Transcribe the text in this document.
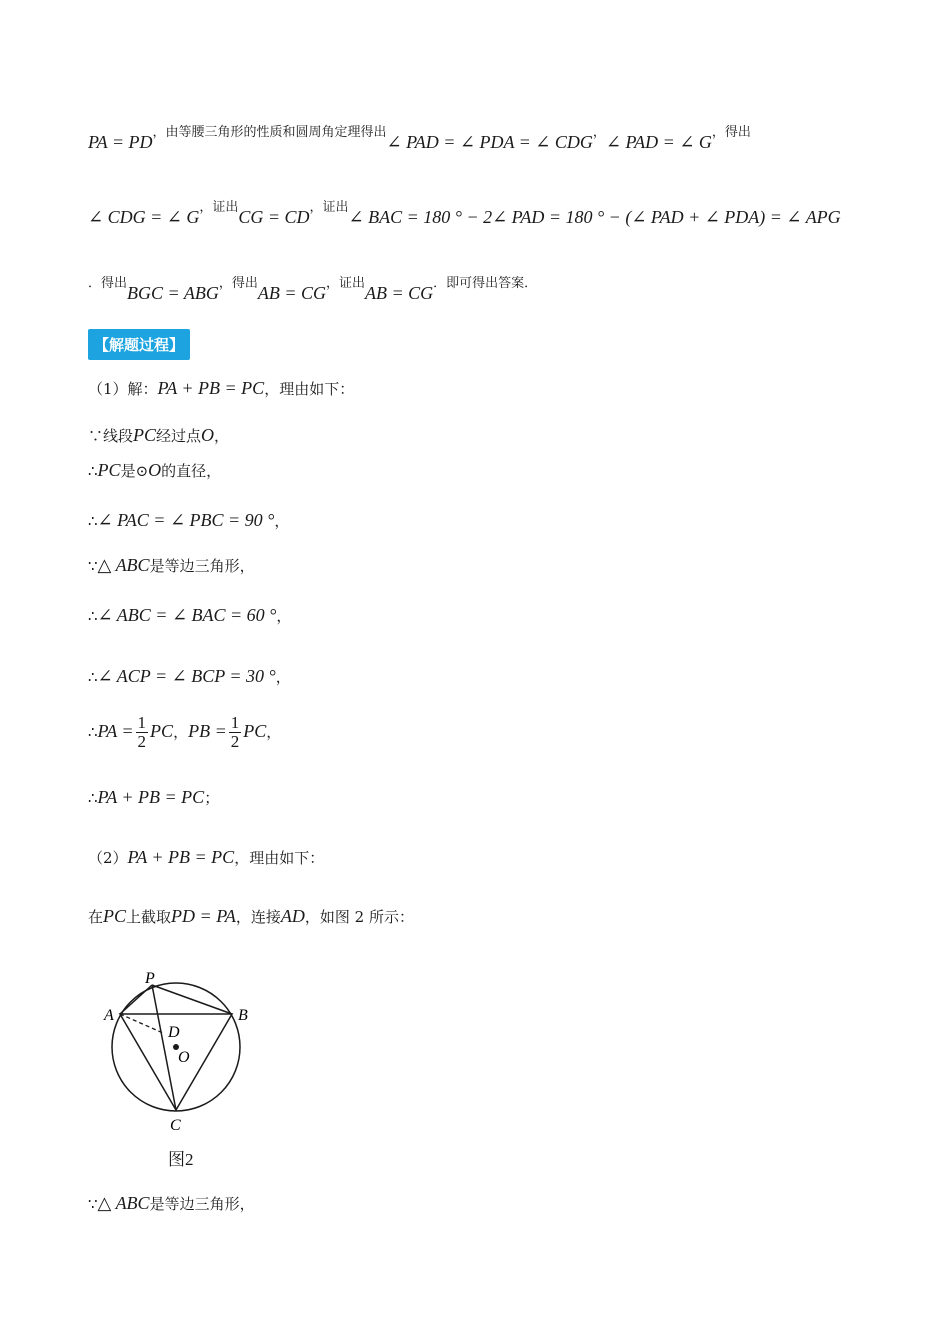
PA = $PD^{,由等腰三角形的性质和圆周角定理得出}\angle$ PAD = ∠ PDA = ∠ CDG，∠ PAD = ∠ $G^{,得出}$
∠ CDG = ∠ $G^{,证出}CG$ = $CD^{,证出}\angle$ BAC = 180 ° − 2∠ PAD = 180 ° − (∠ PAD + ∠ PDA) = ∠ APG
$^{.得出}BGC = ABG^{,得出}AB = CG^{,证出}AB = CG^{.即可得出答案.}$
【解题过程】
（1）解：PA + PB = PC，理由如下：
∵线段PC经过点O，
∴PC是⊙O的直径，
∴∠ PAC = ∠ PBC = 90 °，
∵△ ABC是等边三角形，
∴∠ ABC = ∠ BAC = 60 °，
∴∠ ACP = ∠ BCP = 30 °，
∴PA = $\frac{1}{2}$ PC，PB = $\frac{1}{2}$ PC，
∴PA + PB = PC；
（2）PA + PB = PC，理由如下：
在PC上截取PD = PA，连接AD，如图 2 所示：
P
A	B
C
D
O
图2
∵△ ABC是等边三角形，
